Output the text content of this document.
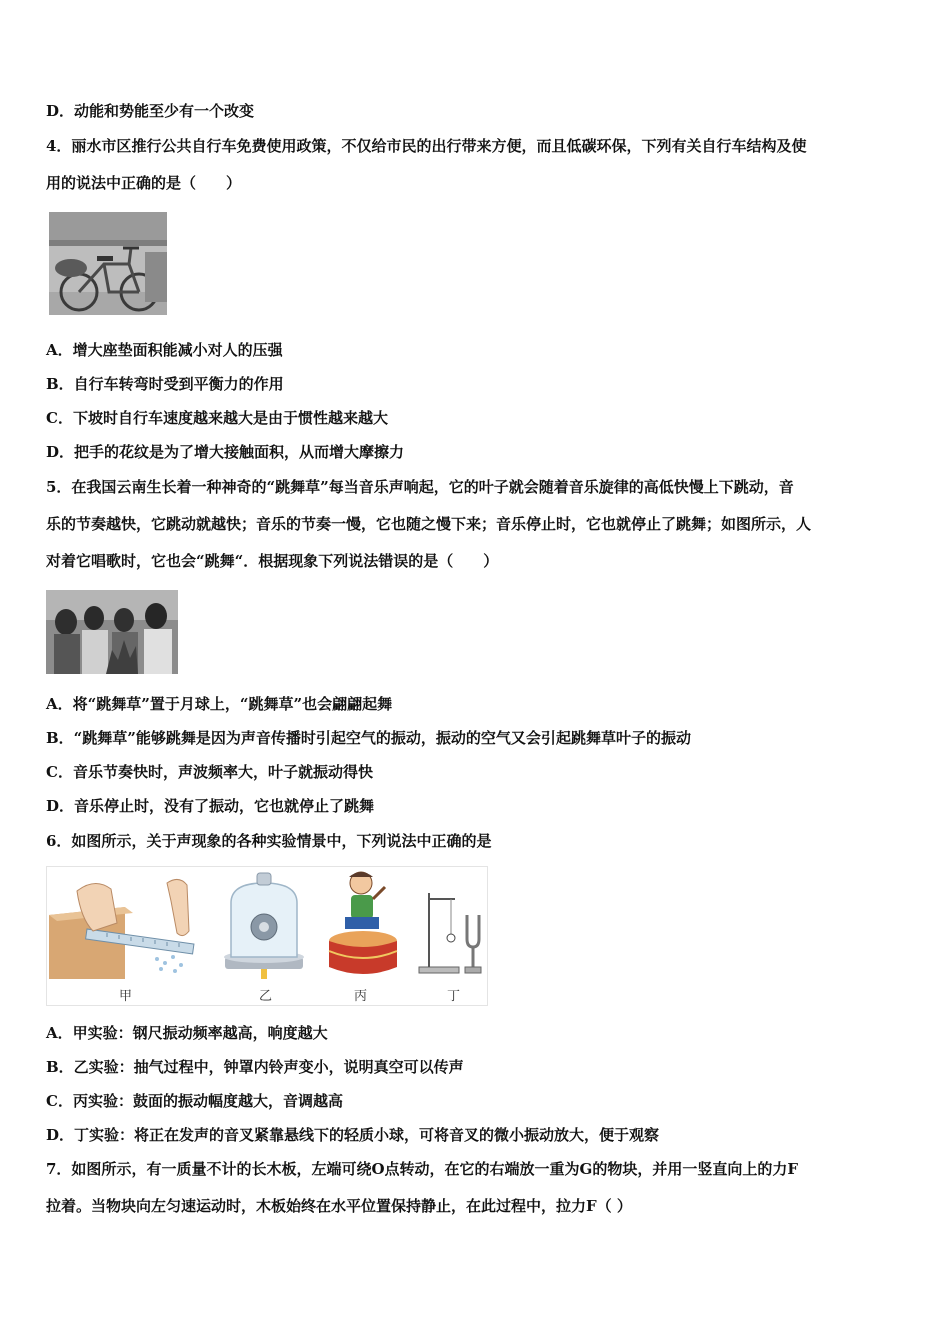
D．动能和势能至少有一个改变
4．丽水市区推行公共自行车免费使用政策，不仅给市民的出行带来方便，而且低碳环保，下列有关自行车结构及使
用的说法中正确的是（　　）
A．增大座垫面积能减小对人的压强
B．自行车转弯时受到平衡力的作用
C．下坡时自行车速度越来越大是由于惯性越来越大
D．把手的花纹是为了增大接触面积，从而增大摩擦力
5．在我国云南生长着一种神奇的“跳舞草”每当音乐声响起，它的叶子就会随着音乐旋律的高低快慢上下跳动，音
乐的节奏越快，它跳动就越快；音乐的节奏一慢，它也随之慢下来；音乐停止时，它也就停止了跳舞；如图所示，人
对着它唱歌时，它也会“跳舞“．根据现象下列说法错误的是（　　）
A．将“跳舞草”置于月球上，“跳舞草”也会翩翩起舞
B．“跳舞草”能够跳舞是因为声音传播时引起空气的振动，振动的空气又会引起跳舞草叶子的振动
C．音乐节奏快时，声波频率大，叶子就振动得快
D．音乐停止时，没有了振动，它也就停止了跳舞
6．如图所示，关于声现象的各种实验情景中，下列说法中正确的是
甲	乙	丙	丁
A．甲实验：钢尺振动频率越高，响度越大
B．乙实验：抽气过程中，钟罩内铃声变小，说明真空可以传声
C．丙实验：鼓面的振动幅度越大，音调越高
D．丁实验：将正在发声的音叉紧靠悬线下的轻质小球，可将音叉的微小振动放大，便于观察
7．如图所示，有一质量不计的长木板，左端可绕O点转动，在它的右端放一重为G的物块，并用一竖直向上的力F
拉着。当物块向左匀速运动时，木板始终在水平位置保持静止，在此过程中，拉力F（ ）
